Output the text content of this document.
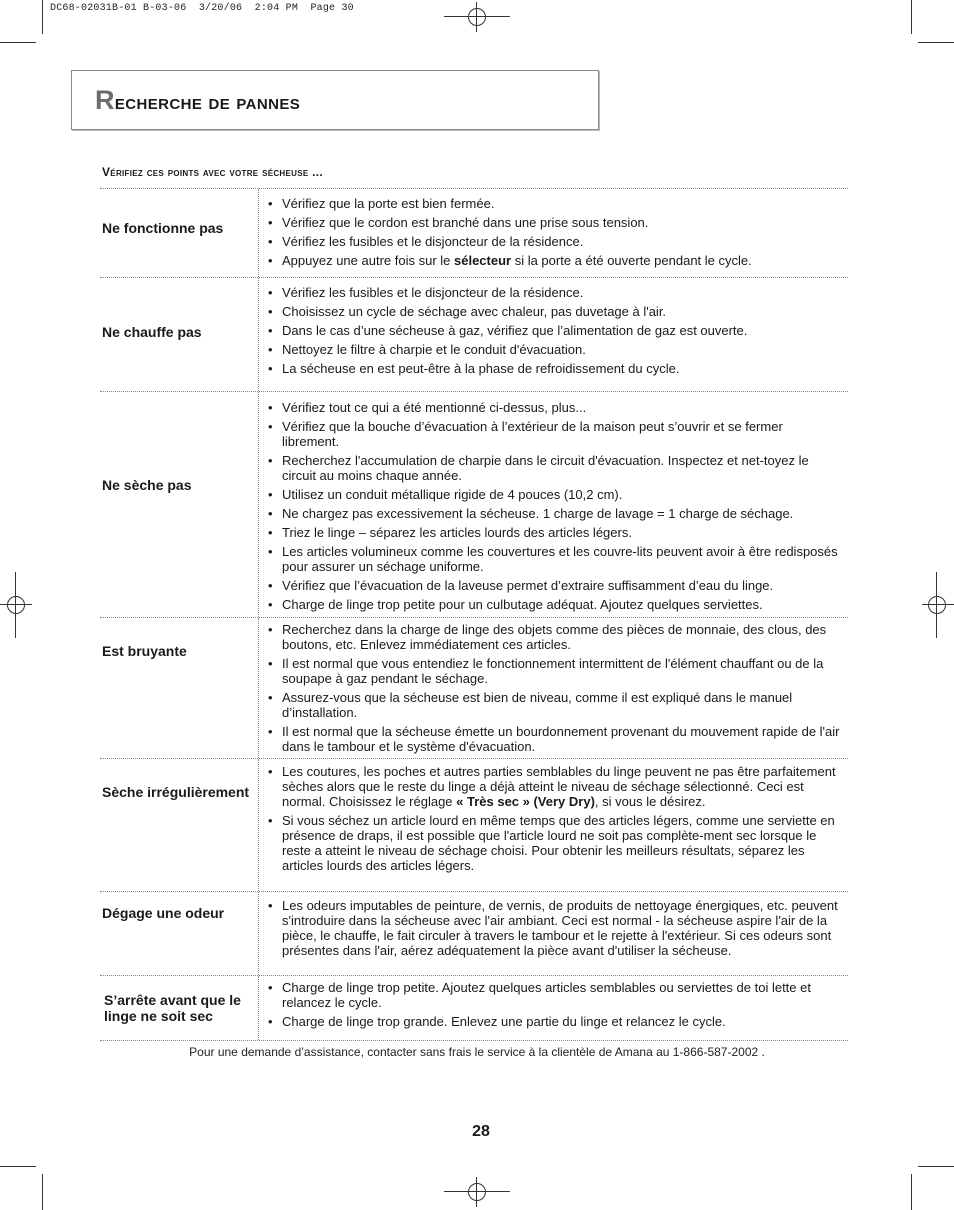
DC68-02031B-01 B-03-06  3/20/06  2:04 PM  Page 30
Recherche de pannes
Vérifiez ces points avec votre sécheuse ...
Ne fonctionne pas
• Vérifiez que la porte est bien fermée.
• Vérifiez que le cordon est branché dans une prise sous tension.
• Vérifiez les fusibles et le disjoncteur de la résidence.
• Appuyez une autre fois sur le sélecteur si la porte a été ouverte pendant le cycle.
Ne chauffe pas
• Vérifiez les fusibles et le disjoncteur de la résidence.
• Choisissez un cycle de séchage avec chaleur, pas duvetage à l'air.
• Dans le cas d’une sécheuse à gaz, vérifiez que l’alimentation de gaz est ouverte.
• Nettoyez le filtre à charpie et le conduit d'évacuation.
• La sécheuse en est peut-être à la phase de refroidissement du cycle.
Ne sèche pas
• Vérifiez tout ce qui a été mentionné ci-dessus, plus...
• Vérifiez que la bouche d’évacuation à l’extérieur de la maison peut s’ouvrir et se fermer librement.
• Recherchez l'accumulation de charpie dans le circuit d'évacuation. Inspectez et net-toyez le circuit au moins chaque année.
• Utilisez un conduit métallique rigide de 4 pouces (10,2 cm).
• Ne chargez pas excessivement la sécheuse. 1 charge de lavage = 1 charge de séchage.
• Triez le linge – séparez les articles lourds des articles légers.
• Les articles volumineux comme les couvertures et les couvre-lits peuvent avoir à être redisposés pour assurer un séchage uniforme.
• Vérifiez que l’évacuation de la laveuse permet d’extraire suffisamment d’eau du linge.
• Charge de linge trop petite pour un culbutage adéquat. Ajoutez quelques serviettes.
Est bruyante
• Recherchez dans la charge de linge des objets comme des pièces de monnaie, des clous, des boutons, etc. Enlevez immédiatement ces articles.
• Il est normal que vous entendiez le fonctionnement intermittent de l'élément chauffant ou de la soupape à gaz pendant le séchage.
• Assurez-vous que la sécheuse est bien de niveau, comme il est expliqué dans le manuel d’installation.
• Il est normal que la sécheuse émette un bourdonnement provenant du mouvement rapide de l'air dans le tambour et le système d'évacuation.
Sèche irrégulièrement
• Les coutures, les poches et autres parties semblables du linge peuvent ne pas être parfaitement sèches alors que le reste du linge a déjà atteint le niveau de séchage sélectionné. Ceci est normal. Choisissez le réglage « Très sec » (Very Dry), si vous le désirez.
• Si vous séchez un article lourd en même temps que des articles légers, comme une serviette en présence de draps, il est possible que l'article lourd ne soit pas complète-ment sec lorsque le reste a atteint le niveau de séchage choisi. Pour obtenir les meilleurs résultats, séparez les articles lourds des articles légers.
Dégage une odeur
•	Les odeurs imputables de peinture, de vernis, de produits de nettoyage énergiques, etc. peuvent s'introduire dans la sécheuse avec l'air ambiant. Ceci est normal - la sécheuse aspire l'air de la pièce, le chauffe, le fait circuler à travers le tambour et le rejette à l'extérieur. Si ces odeurs sont présentes dans l'air, aérez adéquatement la pièce avant d'utiliser la sécheuse.
S’arrête avant que le linge ne soit sec
• Charge de linge trop petite. Ajoutez quelques articles semblables ou serviettes de toi lette et relancez le cycle.
• Charge de linge trop grande. Enlevez une partie du linge et relancez le cycle.
Pour une demande d’assistance, contacter sans frais le service à la clientèle de Amana au 1-866-587-2002 .
28
